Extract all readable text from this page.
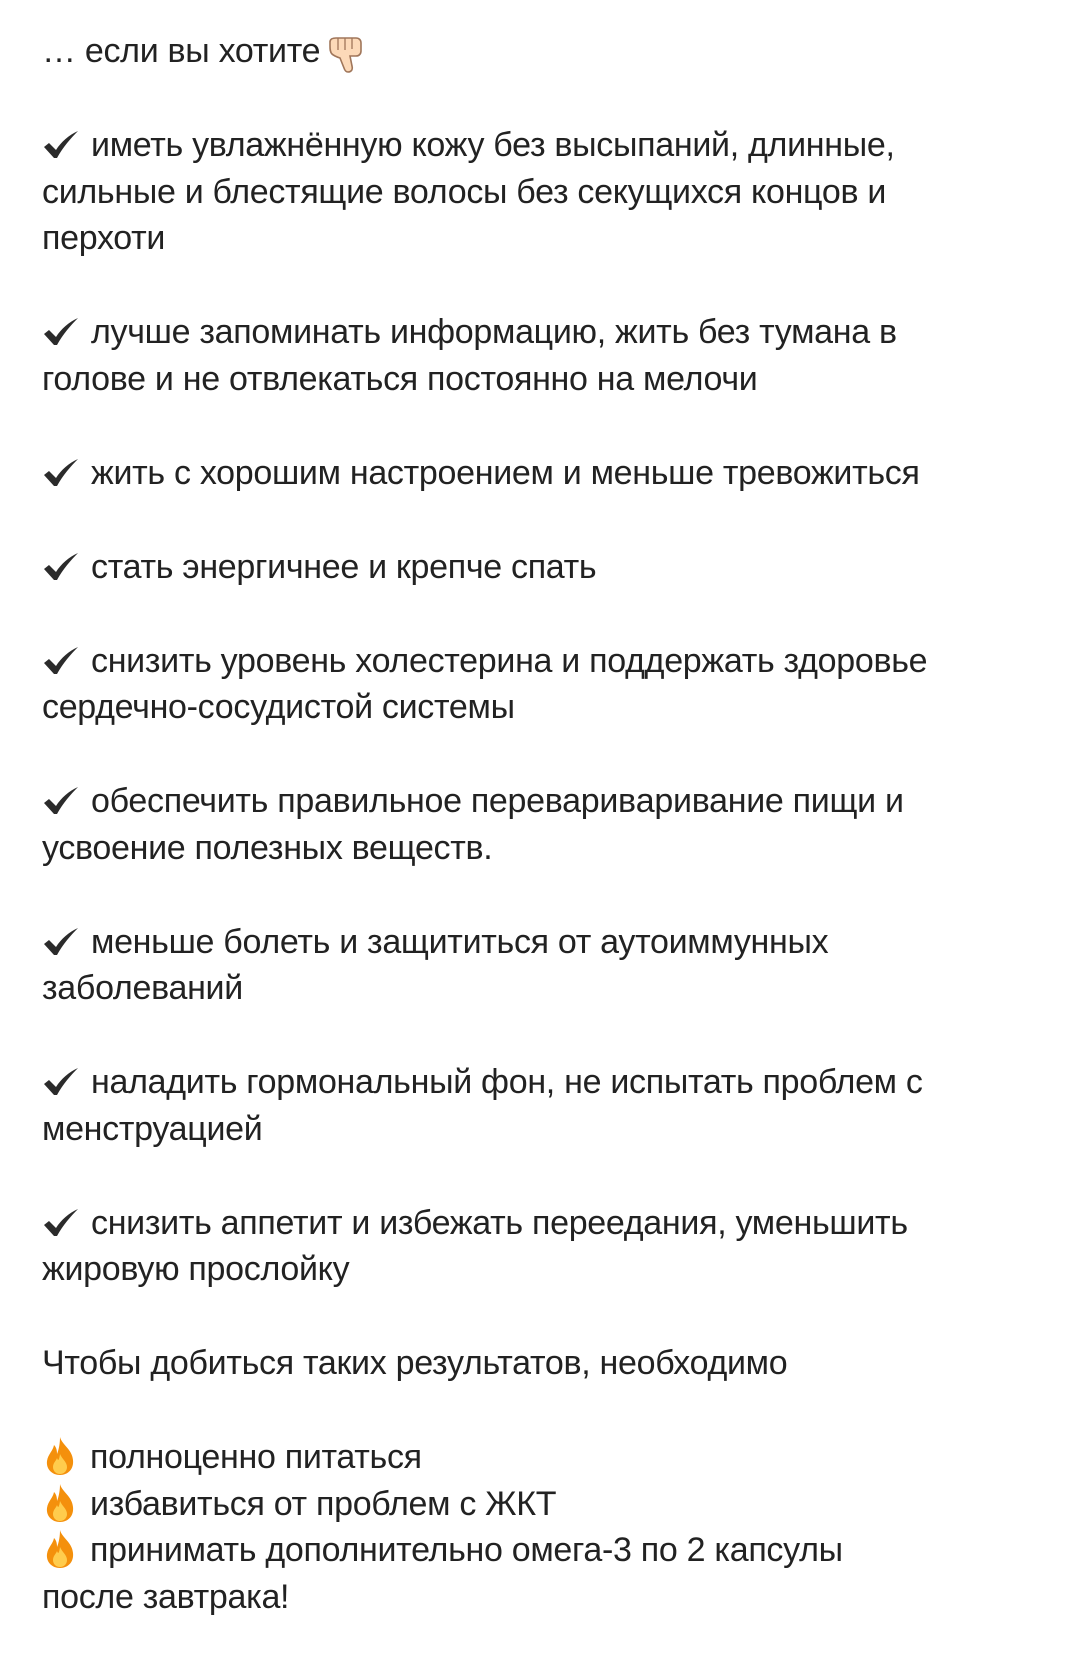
… если вы хотите
иметь увлажнённую кожу без высыпаний, длинные,
сильные и блестящие волосы без секущихся концов и
перхоти
лучше запоминать информацию, жить без тумана в
голове и не отвлекаться постоянно на мелочи
жить с хорошим настроением и меньше тревожиться
стать энергичнее и крепче спать
снизить уровень холестерина и поддержать здоровье
сердечно-сосудистой системы
обеспечить правильное переваривaривание пищи и
усвоение полезных веществ.
меньше болеть и защититься от аутоиммунных
заболеваний
наладить гормональный фон, не испытать проблем с
менструацией
снизить аппетит и избежать переедания, уменьшить
жировую прослойку
Чтобы добиться таких результатов, необходимо
полноценно питаться
избавиться от проблем с ЖКТ
принимать дополнительно омега-3 по 2 капсулы
после завтрака!
